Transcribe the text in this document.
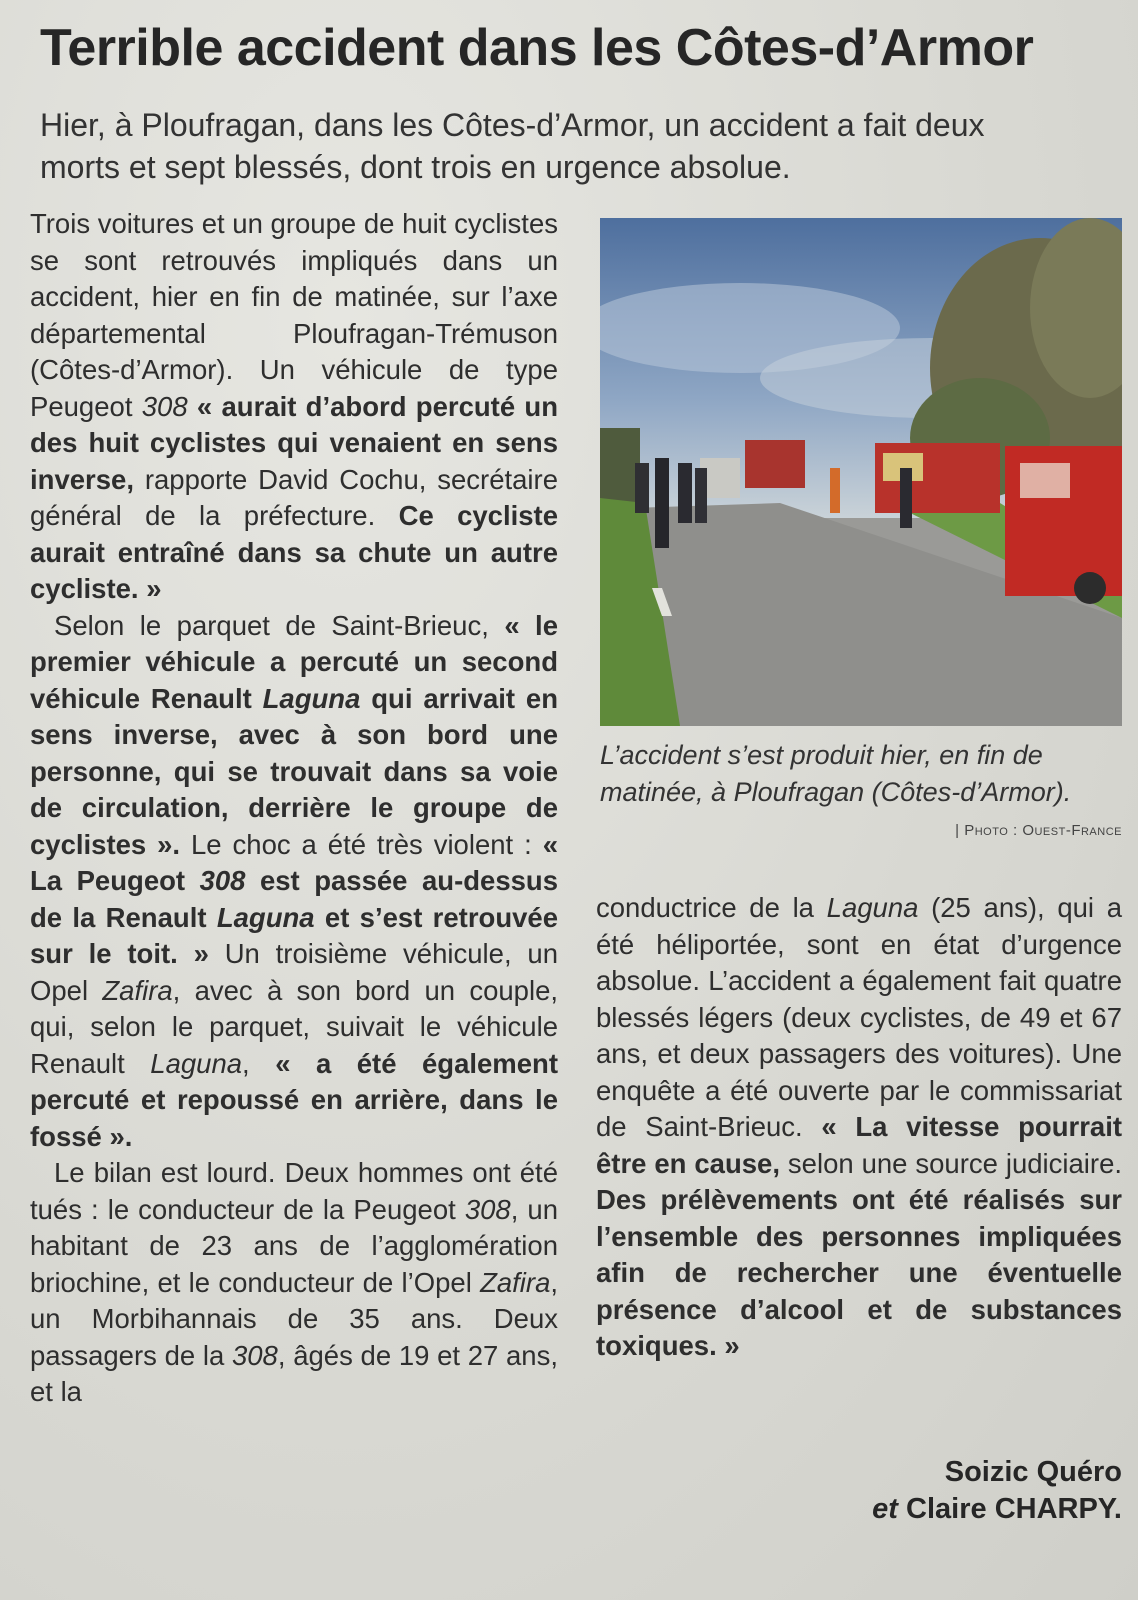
Terrible accident dans les Côtes-d’Armor

Hier, à Ploufragan, dans les Côtes-d’Armor, un accident a fait deux morts et sept blessés, dont trois en urgence absolue.

Trois voitures et un groupe de huit cyclistes se sont retrouvés impliqués dans un accident, hier en fin de matinée, sur l’axe départemental Ploufragan-Trémuson (Côtes-d’Armor). Un véhicule de type Peugeot 308 « aurait d’abord percuté un des huit cyclistes qui venaient en sens inverse, rapporte David Cochu, secrétaire général de la préfecture. Ce cycliste aurait entraîné dans sa chute un autre cycliste. »

Selon le parquet de Saint-Brieuc, « le premier véhicule a percuté un second véhicule Renault Laguna qui arrivait en sens inverse, avec à son bord une personne, qui se trouvait dans sa voie de circulation, derrière le groupe de cyclistes ». Le choc a été très violent : « La Peugeot 308 est passée au-dessus de la Renault Laguna et s’est retrouvée sur le toit. » Un troisième véhicule, un Opel Zafira, avec à son bord un couple, qui, selon le parquet, suivait le véhicule Renault Laguna, « a été également percuté et repoussé en arrière, dans le fossé ».

Le bilan est lourd. Deux hommes ont été tués : le conducteur de la Peugeot 308, un habitant de 23 ans de l’agglomération briochine, et le conducteur de l’Opel Zafira, un Morbihannais de 35 ans. Deux passagers de la 308, âgés de 19 et 27 ans, et la

L’accident s’est produit hier, en fin de matinée, à Ploufragan (Côtes-d’Armor).

| Photo : Ouest-France

conductrice de la Laguna (25 ans), qui a été héliportée, sont en état d’urgence absolue. L’accident a également fait quatre blessés légers (deux cyclistes, de 49 et 67 ans, et deux passagers des voitures). Une enquête a été ouverte par le commissariat de Saint-Brieuc. « La vitesse pourrait être en cause, selon une source judiciaire. Des prélèvements ont été réalisés sur l’ensemble des personnes impliquées afin de rechercher une éventuelle présence d’alcool et de substances toxiques. »

Soizic Quéro
et Claire CHARPY.
